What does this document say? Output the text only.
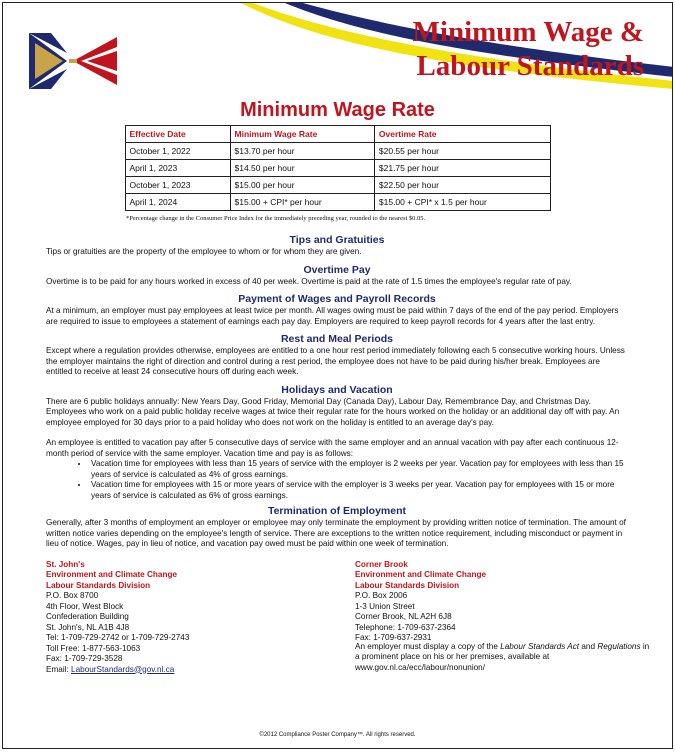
Minimum Wage &
Labour Standards
Minimum Wage Rate
Effective Date	Minimum Wage Rate	Overtime Rate
October 1, 2022	$13.70 per hour	$20.55 per hour
April 1, 2023	$14.50 per hour	$21.75 per hour
October 1, 2023	$15.00 per hour	$22.50 per hour
April 1, 2024	$15.00 + CPI* per hour	$15.00 + CPI* x 1.5 per hour
*Percentage change in the Consumer Price Index for the immediately preceding year, rounded to the nearest $0.05.
Tips and Gratuities

Tips or gratuities are the property of the employee to whom or for whom they are given.

Overtime Pay

Overtime is to be paid for any hours worked in excess of 40 per week. Overtime is paid at the rate of 1.5 times the employee's regular rate of pay.

Payment of Wages and Payroll Records

At a minimum, an employer must pay employees at least twice per month. All wages owing must be paid within 7 days of the end of the pay period. Employers are required to issue to employees a statement of earnings each pay day. Employers are required to keep payroll records for 4 years after the last entry.

Rest and Meal Periods

Except where a regulation provides otherwise, employees are entitled to a one hour rest period immediately following each 5 consecutive working hours. Unless the employer maintains the right of direction and control during a rest period, the employee does not have to be paid during his/her break. Employees are entitled to receive at least 24 consecutive hours off during each week.

Holidays and Vacation

There are 6 public holidays annually: New Years Day, Good Friday, Memorial Day (Canada Day), Labour Day, Remembrance Day, and Christmas Day. Employees who work on a paid public holiday receive wages at twice their regular rate for the hours worked on the holiday or an additional day off with pay. An employee employed for 30 days prior to a paid holiday who does not work on the holiday is entitled to an average day's pay.

An employee is entitled to vacation pay after 5 consecutive days of service with the same employer and an annual vacation with pay after each continuous 12-month period of service with the same employer. Vacation time and pay is as follows:

• Vacation time for employees with less than 15 years of service with the employer is 2 weeks per year. Vacation pay for employees with less than 15 years of service is calculated as 4% of gross earnings.
• Vacation time for employees with 15 or more years of service with the employer is 3 weeks per year. Vacation pay for employees with 15 or more years of service is calculated as 6% of gross earnings.
Termination of Employment

Generally, after 3 months of employment an employer or employee may only terminate the employment by providing written notice of termination. The amount of written notice varies depending on the employee's length of service. There are exceptions to the written notice requirement, including misconduct or payment in lieu of notice. Wages, pay in lieu of notice, and vacation pay owed must be paid within one week of termination.

St. John's
Environment and Climate Change
Labour Standards Division
P.O. Box 8700
4th Floor, West Block
Confederation Building
St. John's, NL A1B 4J8
Tel: 1-709-729-2742 or 1-709-729-2743
Toll Free: 1-877-563-1063
Fax: 1-709-729-3528
Email: LabourStandards@gov.nl.ca
Corner Brook
Environment and Climate Change
Labour Standards Division
P.O. Box 2006
1-3 Union Street
Corner Brook, NL A2H 6J8
Telephone: 1-709-637-2364
Fax: 1-709-637-2931
An employer must display a copy of the Labour Standards Act and Regulations in a prominent place on his or her premises, available at www.gov.nl.ca/ecc/labour/nonunion/
©2012 Compliance Poster Company™. All rights reserved.
